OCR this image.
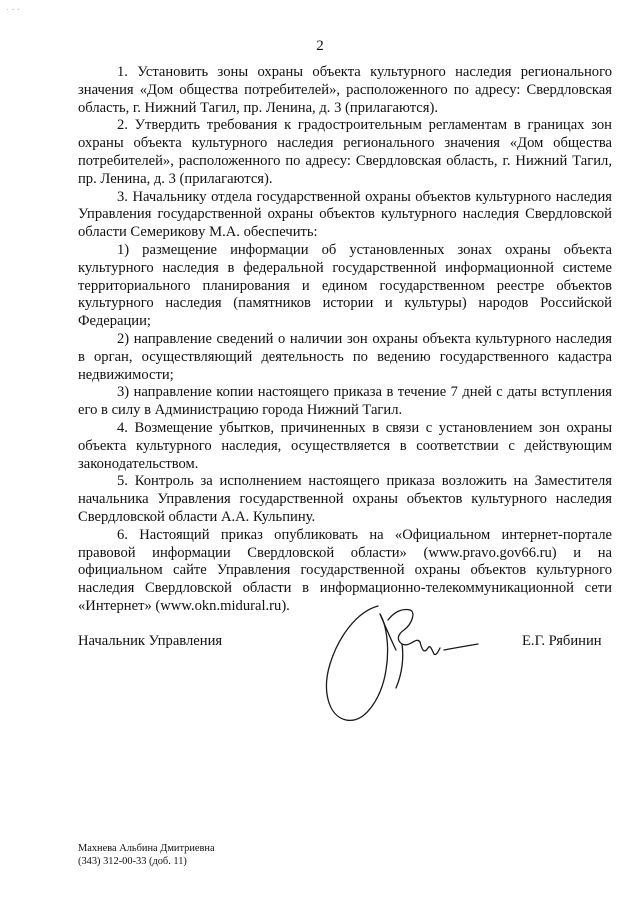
· - -
2

1. Установить зоны охраны объекта культурного наследия регионального значения «Дом общества потребителей», расположенного по адресу: Свердловская область, г. Нижний Тагил, пр. Ленина, д. 3 (прилагаются).

2. Утвердить требования к градостроительным регламентам в границах зон охраны объекта культурного наследия регионального значения «Дом общества потребителей», расположенного по адресу: Свердловская область, г. Нижний Тагил, пр. Ленина, д. 3 (прилагаются).

3. Начальнику отдела государственной охраны объектов культурного наследия Управления государственной охраны объектов культурного наследия Свердловской области Семериковy М.А. обеспечить:

1) размещение информации об установленных зонах охраны объекта культурного наследия в федеральной государственной информационной системе территориального планирования и едином государственном реестре объектов культурного наследия (памятников истории и культуры) народов Российской Федерации;

2) направление сведений о наличии зон охраны объекта культурного наследия в орган, осуществляющий деятельность по ведению государственного кадастра недвижимости;

3) направление копии настоящего приказа в течение 7 дней с даты вступления его в силу в Администрацию города Нижний Тагил.

4. Возмещение убытков, причиненных в связи с установлением зон охраны объекта культурного наследия, осуществляется в соответствии с действующим законодательством.

5. Контроль за исполнением настоящего приказа возложить на Заместителя начальника Управления государственной охраны объектов культурного наследия Свердловской области А.А. Кульпину.

6. Настоящий приказ опубликовать на «Официальном интернет-портале правовой информации Свердловской области» (www.pravo.gov66.ru) и на официальном сайте Управления государственной охраны объектов культурного наследия Свердловской области в информационно-телекоммуникационной сети «Интернет» (www.okn.midural.ru).

Начальник Управления	Е.Г. Рябинин
Махнева Альбина Дмитриевна
(343) 312-00-33 (доб. 11)
